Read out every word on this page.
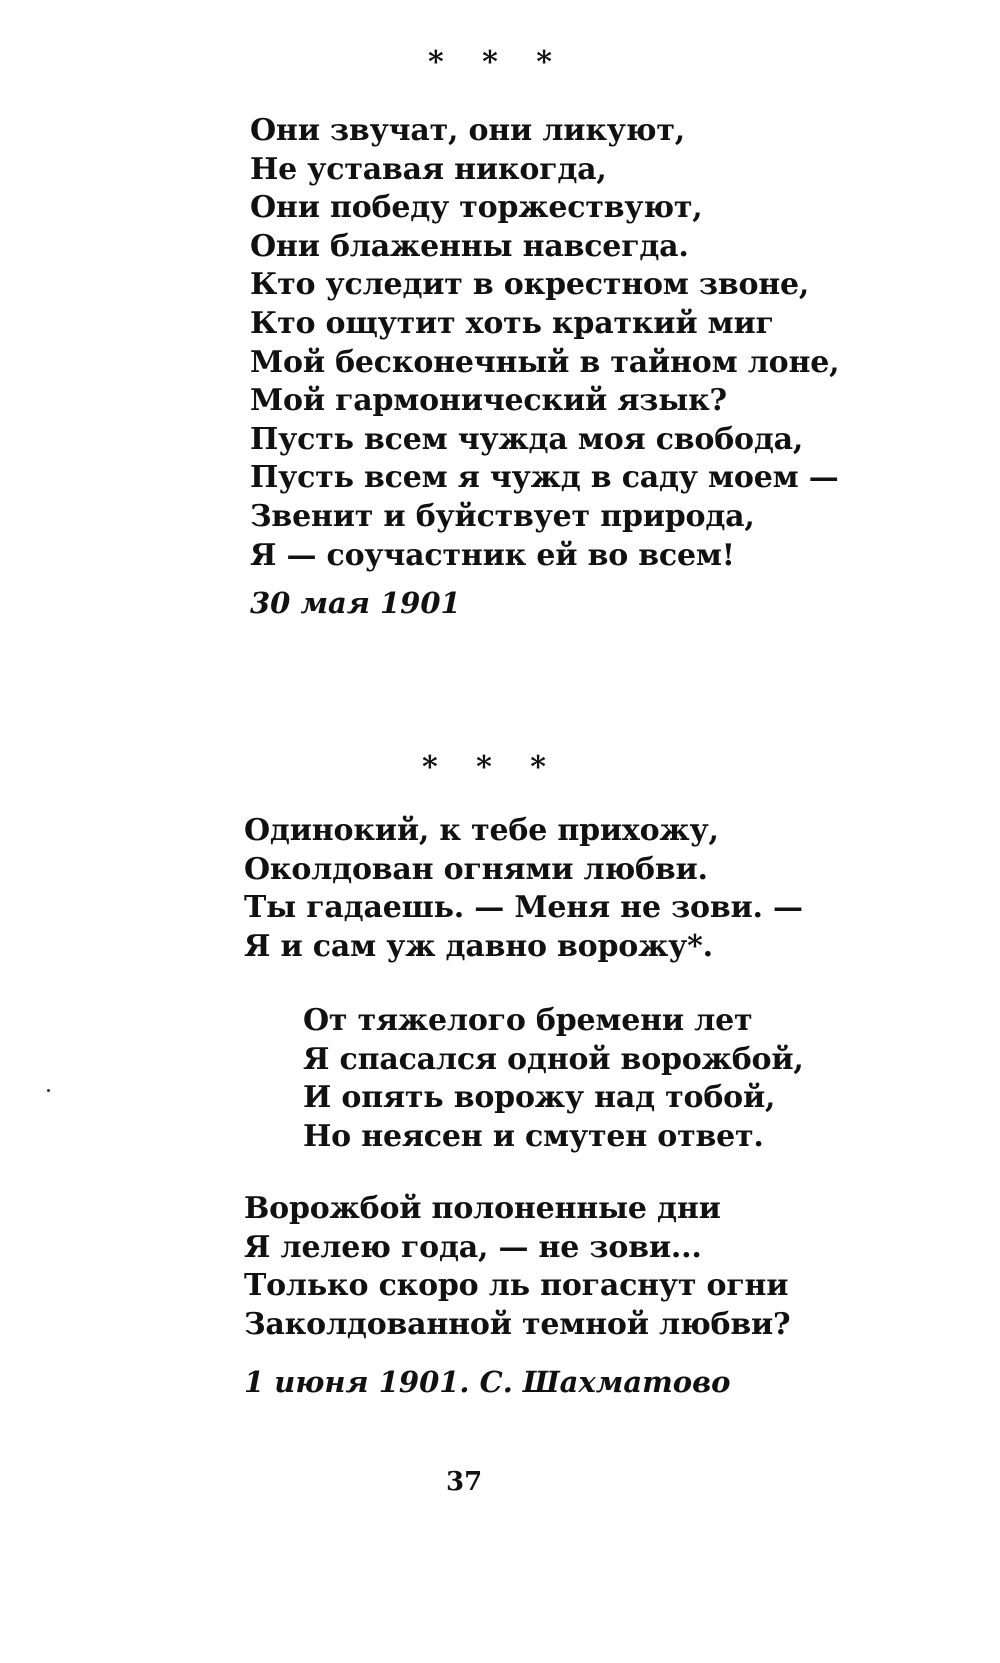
* * *
Они звучат, они ликуют,
Не уставая никогда,
Они победу торжествуют,
Они блаженны навсегда.
Кто уследит в окрестном звоне,
Кто ощутит хоть краткий миг
Мой бесконечный в тайном лоне,
Мой гармонический язык?
Пусть всем чужда моя свобода,
Пусть всем я чужд в саду моем —
Звенит и буйствует природа,
Я — соучастник ей во всем!
30 мая 1901
* * *
Одинокий, к тебе прихожу,
Околдован огнями любви.
Ты гадаешь. — Меня не зови. —
Я и сам уж давно ворожу*.
От тяжелого бремени лет
Я спасался одной ворожбой,
И опять ворожу над тобой,
Но неясен и смутен ответ.
Ворожбой полоненные дни
Я лелею года, — не зови...
Только скоро ль погаснут огни
Заколдованной темной любви?
1 июня 1901. С. Шахматово
37
